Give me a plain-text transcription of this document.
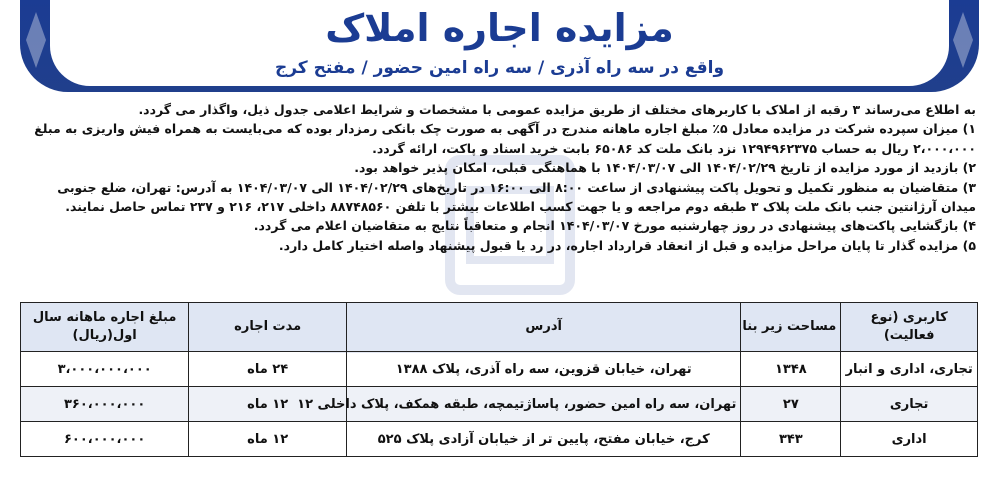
مزایده اجاره املاک
واقع در سه راه آذری / سه راه امین حضور / مفتح کرج

به اطلاع می‌رساند ۳ رقبه از املاک با کاربرهای مختلف از طریق مزایده عمومی با مشخصات و شرایط اعلامی جدول ذیل، واگذار می گردد.

۱) میزان سپرده شرکت در مزایده معادل ۵٪ مبلغ اجاره ماهانه مندرج در آگهی به صورت چک بانکی رمزدار بوده که می‌بایست به همراه فیش واریزی به مبلغ

۲،۰۰۰،۰۰۰ ریال به حساب ۱۲۹۴۹۶۲۳۷۵ نزد بانک ملت کد ۶۵۰۸۶ بابت خرید اسناد و پاکت، ارائه گردد.

۲) بازدید از مورد مزایده از تاریخ ۱۴۰۴/۰۲/۲۹ الی ۱۴۰۴/۰۳/۰۷ با هماهنگی قبلی، امکان پذیر خواهد بود.

۳) متقاضیان به منظور تکمیل و تحویل پاکت پیشنهادی از ساعت ۸:۰۰ الی ۱۶:۰۰ در تاریخ‌های ۱۴۰۴/۰۲/۲۹ الی ۱۴۰۴/۰۳/۰۷ به آدرس: تهران، ضلع جنوبی

میدان آرژانتین جنب بانک ملت پلاک ۳ طبقه دوم مراجعه و یا جهت کسب اطلاعات بیشتر با تلفن ۸۸۷۴۸۵۶۰ داخلی ۲۱۷، ۲۱۶ و ۲۳۷ تماس حاصل نمایند.

۴) بازگشایی پاکت‌های پیشنهادی در روز چهارشنبه مورخ ۱۴۰۴/۰۳/۰۷ انجام و متعاقباً نتایج به متقاضیان اعلام می گردد.

۵) مزایده گذار تا پایان مراحل مزایده و قبل از انعقاد قرارداد اجاره، در رد یا قبول پیشنهاد واصله اختیار کامل دارد.

کاربری (نوع فعالیت)	مساحت زیر بنا	آدرس	مدت اجاره	مبلغ اجاره ماهانه سال اول(ریال)
تجاری، اداری و انبار	۱۳۴۸	تهران، خیابان قزوین، سه راه آذری، پلاک ۱۳۸۸	۲۴ ماه	۳،۰۰۰،۰۰۰،۰۰۰
تجاری	۲۷	تهران، سه راه امین حضور، پاساژتیمچه، طبقه همکف، پلاک داخلی ۱۲	۱۲ ماه	۳۶۰،۰۰۰،۰۰۰
اداری	۳۴۳	کرج، خیابان مفتح، پایین تر از خیابان آزادی پلاک ۵۲۵	۱۲ ماه	۶۰۰،۰۰۰،۰۰۰
